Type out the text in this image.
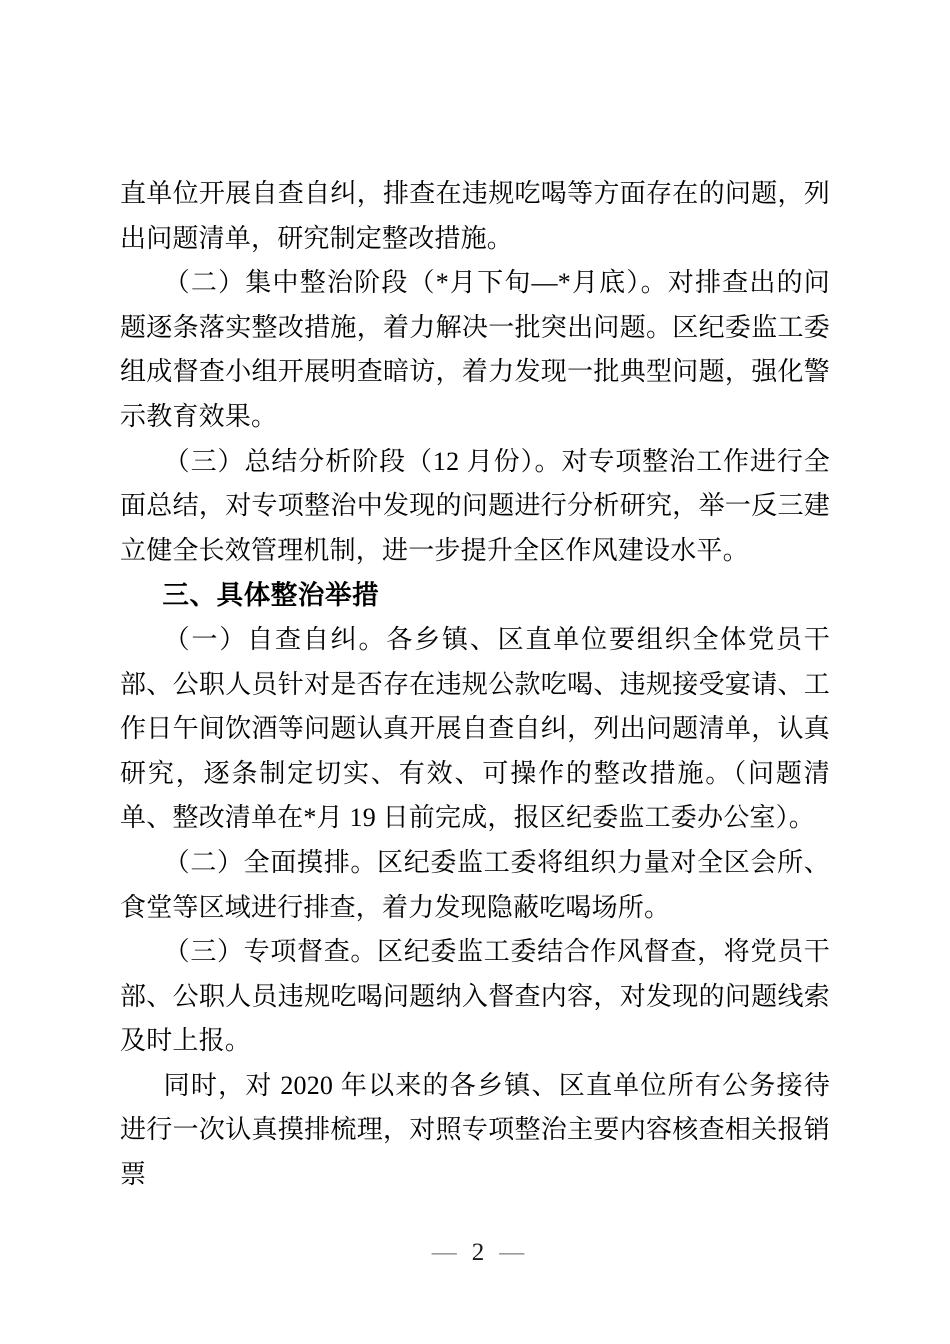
直单位开展自查自纠，排查在违规吃喝等方面存在的问题，列出问题清单，研究制定整改措施。

（二）集中整治阶段（*月下旬—*月底）。对排查出的问题逐条落实整改措施，着力解决一批突出问题。区纪委监工委组成督查小组开展明查暗访，着力发现一批典型问题，强化警示教育效果。

（三）总结分析阶段（12 月份）。对专项整治工作进行全面总结，对专项整治中发现的问题进行分析研究，举一反三建立健全长效管理机制，进一步提升全区作风建设水平。

三、具体整治举措

（一）自查自纠。各乡镇、区直单位要组织全体党员干部、公职人员针对是否存在违规公款吃喝、违规接受宴请、工作日午间饮酒等问题认真开展自查自纠，列出问题清单，认真研究，逐条制定切实、有效、可操作的整改措施。（问题清单、整改清单在*月 19 日前完成，报区纪委监工委办公室）。

（二）全面摸排。区纪委监工委将组织力量对全区会所、食堂等区域进行排查，着力发现隐蔽吃喝场所。

（三）专项督查。区纪委监工委结合作风督查，将党员干部、公职人员违规吃喝问题纳入督查内容，对发现的问题线索及时上报。

同时，对 2020 年以来的各乡镇、区直单位所有公务接待进行一次认真摸排梳理，对照专项整治主要内容核查相关报销票

— 2 —
